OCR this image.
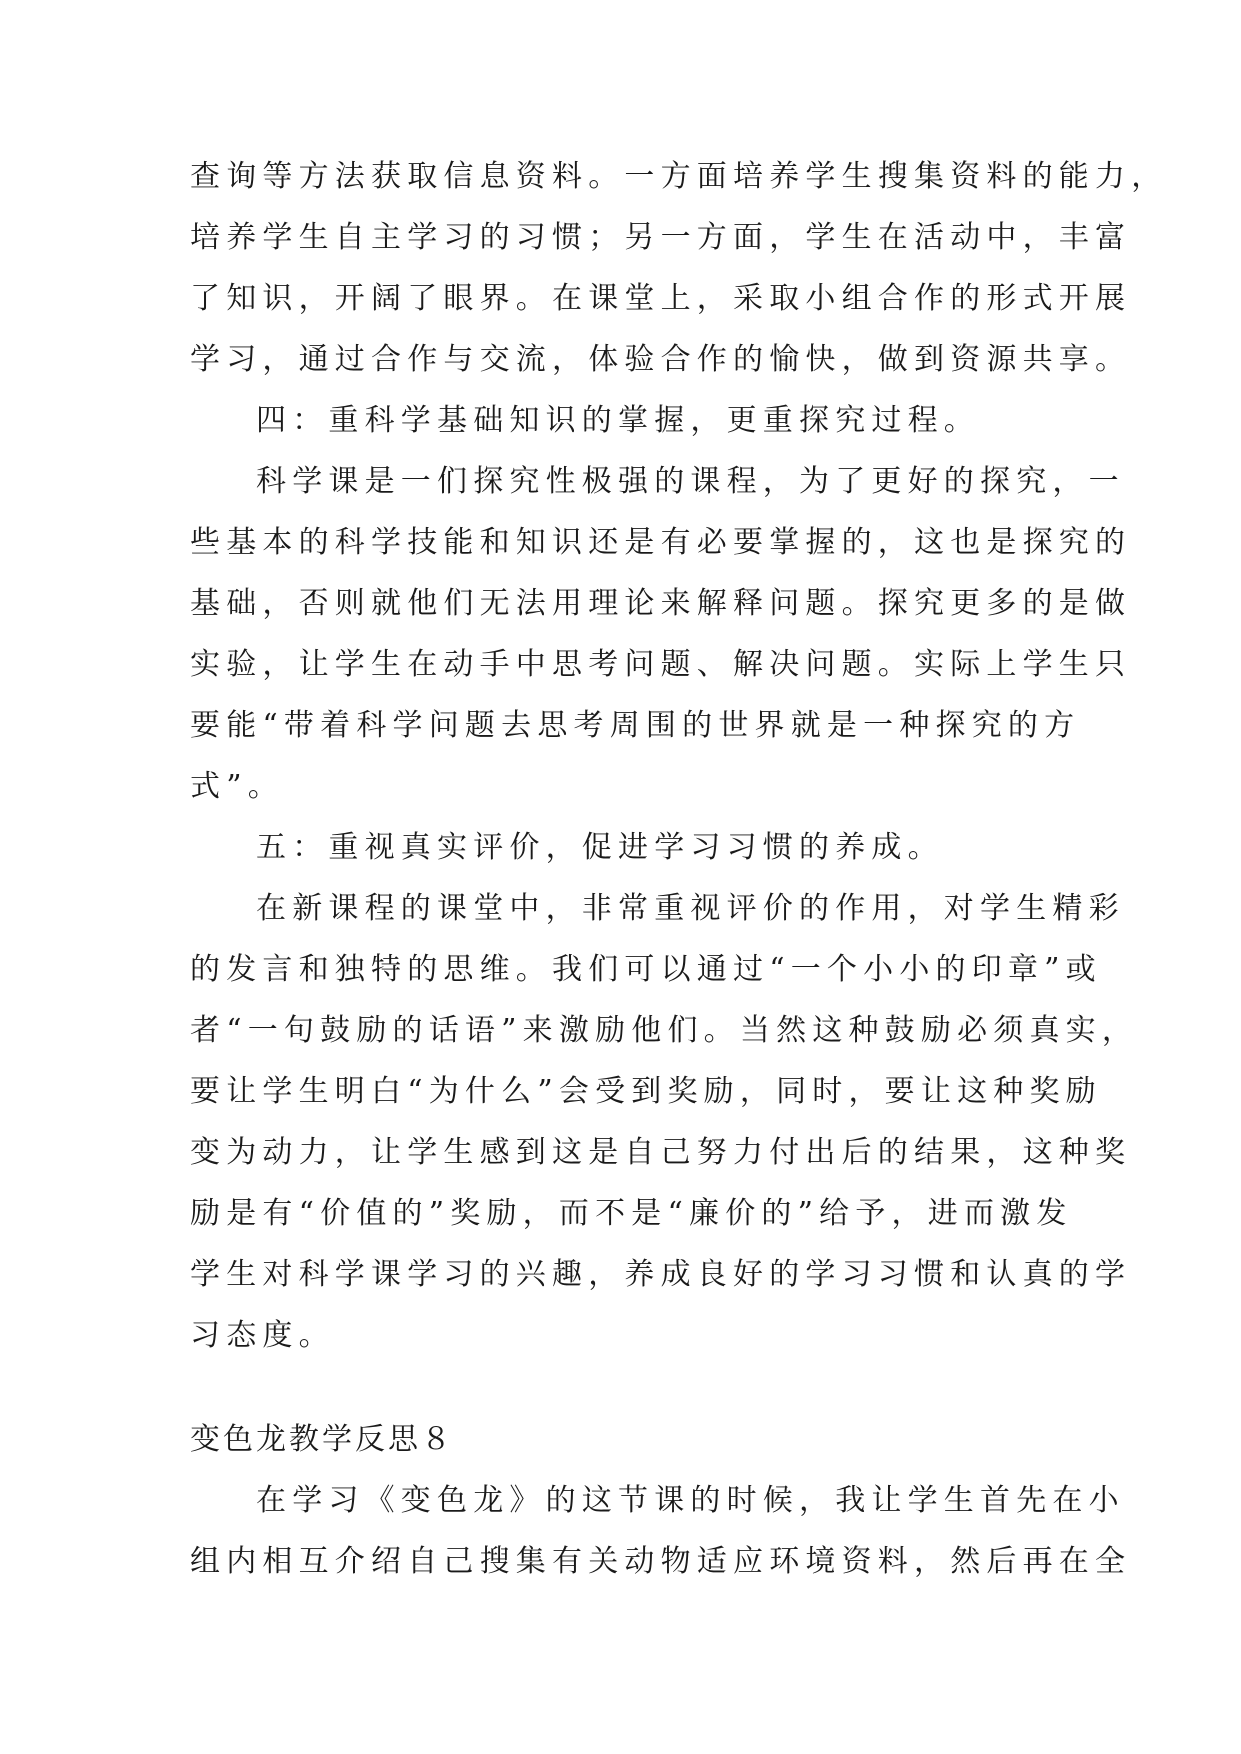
查询等方法获取信息资料。一方面培养学生搜集资料的能力，
培养学生自主学习的习惯；另一方面，学生在活动中，丰富
了知识，开阔了眼界。在课堂上，采取小组合作的形式开展
学习，通过合作与交流，体验合作的愉快，做到资源共享。
四：重科学基础知识的掌握，更重探究过程。
科学课是一们探究性极强的课程，为了更好的探究，一
些基本的科学技能和知识还是有必要掌握的，这也是探究的
基础，否则就他们无法用理论来解释问题。探究更多的是做
实验，让学生在动手中思考问题、解决问题。实际上学生只
要能“带着科学问题去思考周围的世界就是一种探究的方
式”。
五：重视真实评价，促进学习习惯的养成。
在新课程的课堂中，非常重视评价的作用，对学生精彩
的发言和独特的思维。我们可以通过“一个小小的印章”或
者“一句鼓励的话语”来激励他们。当然这种鼓励必须真实，
要让学生明白“为什么”会受到奖励，同时，要让这种奖励
变为动力，让学生感到这是自己努力付出后的结果，这种奖
励是有“价值的”奖励，而不是“廉价的”给予，进而激发
学生对科学课学习的兴趣，养成良好的学习习惯和认真的学
习态度。
变色龙教学反思８
在学习《变色龙》的这节课的时候，我让学生首先在小
组内相互介绍自己搜集有关动物适应环境资料，然后再在全
